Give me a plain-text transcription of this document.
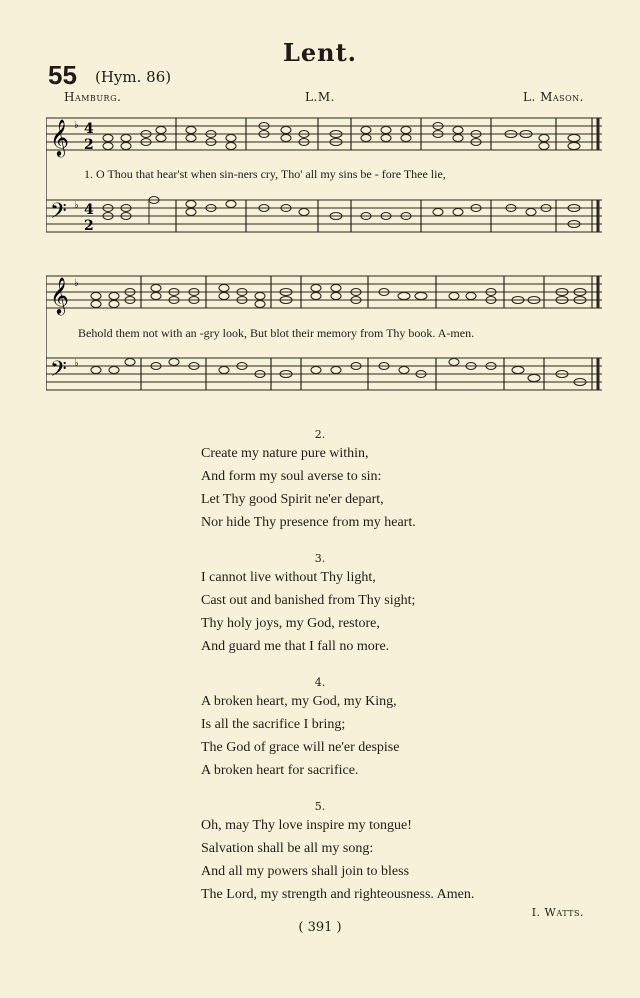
Lent.
55 (Hym. 86)
Hamburg.	L.M.	L. Mason.
𝄞
𝄢
♭
♭
4
2
4
2
1. O Thou that hear'st when sin-ners cry, Tho' all my sins be - fore Thee lie,
𝄞
𝄢
♭
♭
Behold them not with an -gry look, But blot their memory from Thy book. A-men.
2.
Create my nature pure within,
And form my soul averse to sin:
Let Thy good Spirit ne'er depart,
Nor hide Thy presence from my heart.
3.
I cannot live without Thy light,
Cast out and banished from Thy sight;
Thy holy joys, my God, restore,
And guard me that I fall no more.
4.
A broken heart, my God, my King,
Is all the sacrifice I bring;
The God of grace will ne'er despise
A broken heart for sacrifice.
5.
Oh, may Thy love inspire my tongue!
Salvation shall be all my song:
And all my powers shall join to bless
The Lord, my strength and righteousness. Amen.
I. Watts.
( 391 )
